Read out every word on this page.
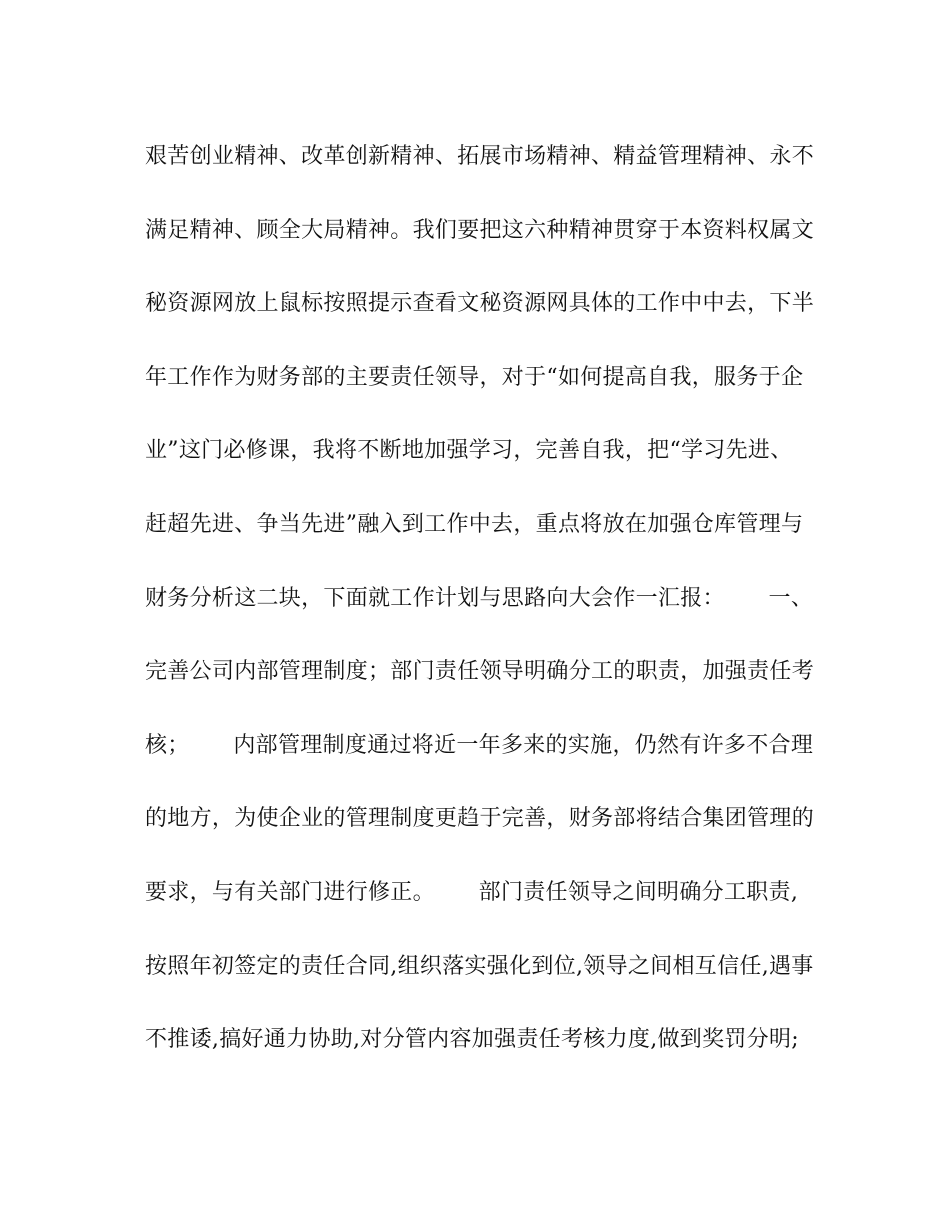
艰苦创业精神、改革创新精神、拓展市场精神、精益管理精神、永不
满足精神、顾全大局精神。我们要把这六种精神贯穿于本资料权属文
秘资源网放上鼠标按照提示查看文秘资源网具体的工作中中去，下半
年工作作为财务部的主要责任领导，对于“如何提高自我，服务于企
业”这门必修课，我将不断地加强学习，完善自我，把“学习先进、
赶超先进、争当先进”融入到工作中去，重点将放在加强仓库管理与
财务分析这二块，下面就工作计划与思路向大会作一汇报：      一、
完善公司内部管理制度；部门责任领导明确分工的职责，加强责任考
核；      内部管理制度通过将近一年多来的实施，仍然有许多不合理
的地方，为使企业的管理制度更趋于完善，财务部将结合集团管理的
要求，与有关部门进行修正。      部门责任领导之间明确分工职责,
按照年初签定的责任合同,组织落实强化到位,领导之间相互信任,遇事
不推诿,搞好通力协助,对分管内容加强责任考核力度,做到奖罚分明;
